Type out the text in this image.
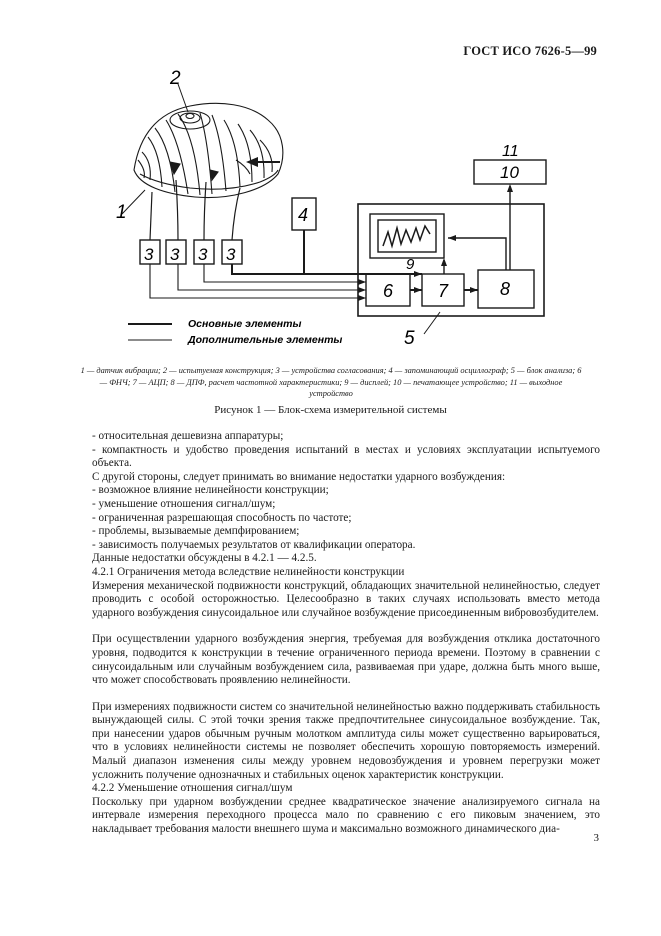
ГОСТ ИСО 7626-5—99
1
2
3 3 3 3
4
9
6 7	8
10
11
5
Основные элементы
Дополнительные элементы
1 — датчик вибрации; 2 — испытуемая конструкция; 3 — устройства согласования; 4 — запоминающий осциллограф; 5 — блок анализа; 6 — ФНЧ; 7 — АЦП; 8 — ДПФ, расчет частотной характеристики; 9 — дисплей; 10 — печатающее устройство; 11 — выходное устройство
Рисунок 1 — Блок-схема измерительной системы

- относительная дешевизна аппаратуры;

- компактность и удобство проведения испытаний в местах и условиях эксплуатации испытуемого объекта.

С другой стороны, следует принимать во внимание недостатки ударного возбуждения:

- возможное влияние нелинейности конструкции;

- уменьшение отношения сигнал/шум;

- ограниченная разрешающая способность по частоте;

- проблемы, вызываемые демпфированием;

- зависимость получаемых результатов от квалификации оператора.

Данные недостатки обсуждены в 4.2.1 — 4.2.5.

4.2.1 Ограничения метода вследствие нелинейности конструкции

Измерения механической подвижности конструкций, обладающих значительной нелинейностью, следует проводить с особой осторожностью. Целесообразно в таких случаях использовать вместо метода ударного возбуждения синусоидальное или случайное возбуждение присоединенным вибровозбудителем.

При осуществлении ударного возбуждения энергия, требуемая для возбуждения отклика достаточного уровня, подводится к конструкции в течение ограниченного периода времени. Поэтому в сравнении с синусоидальным или случайным возбуждением сила, развиваемая при ударе, должна быть много выше, что может способствовать проявлению нелинейности.

При измерениях подвижности систем со значительной нелинейностью важно поддерживать стабильность вынуждающей силы. С этой точки зрения также предпочтительнее синусоидальное возбуждение. Так, при нанесении ударов обычным ручным молотком амплитуда силы может существенно варьироваться, что в условиях нелинейности системы не позволяет обеспечить хорошую повторяемость измерений. Малый диапазон изменения силы между уровнем недовозбуждения и уровнем перегрузки может усложнить получение однозначных и стабильных оценок характеристик конструкции.

4.2.2 Уменьшение отношения сигнал/шум

Поскольку при ударном возбуждении среднее квадратическое значение анализируемого сигнала на интервале измерения переходного процесса мало по сравнению с его пиковым значением, это накладывает требования малости внешнего шума и максимально возможного динамического диа-

3
